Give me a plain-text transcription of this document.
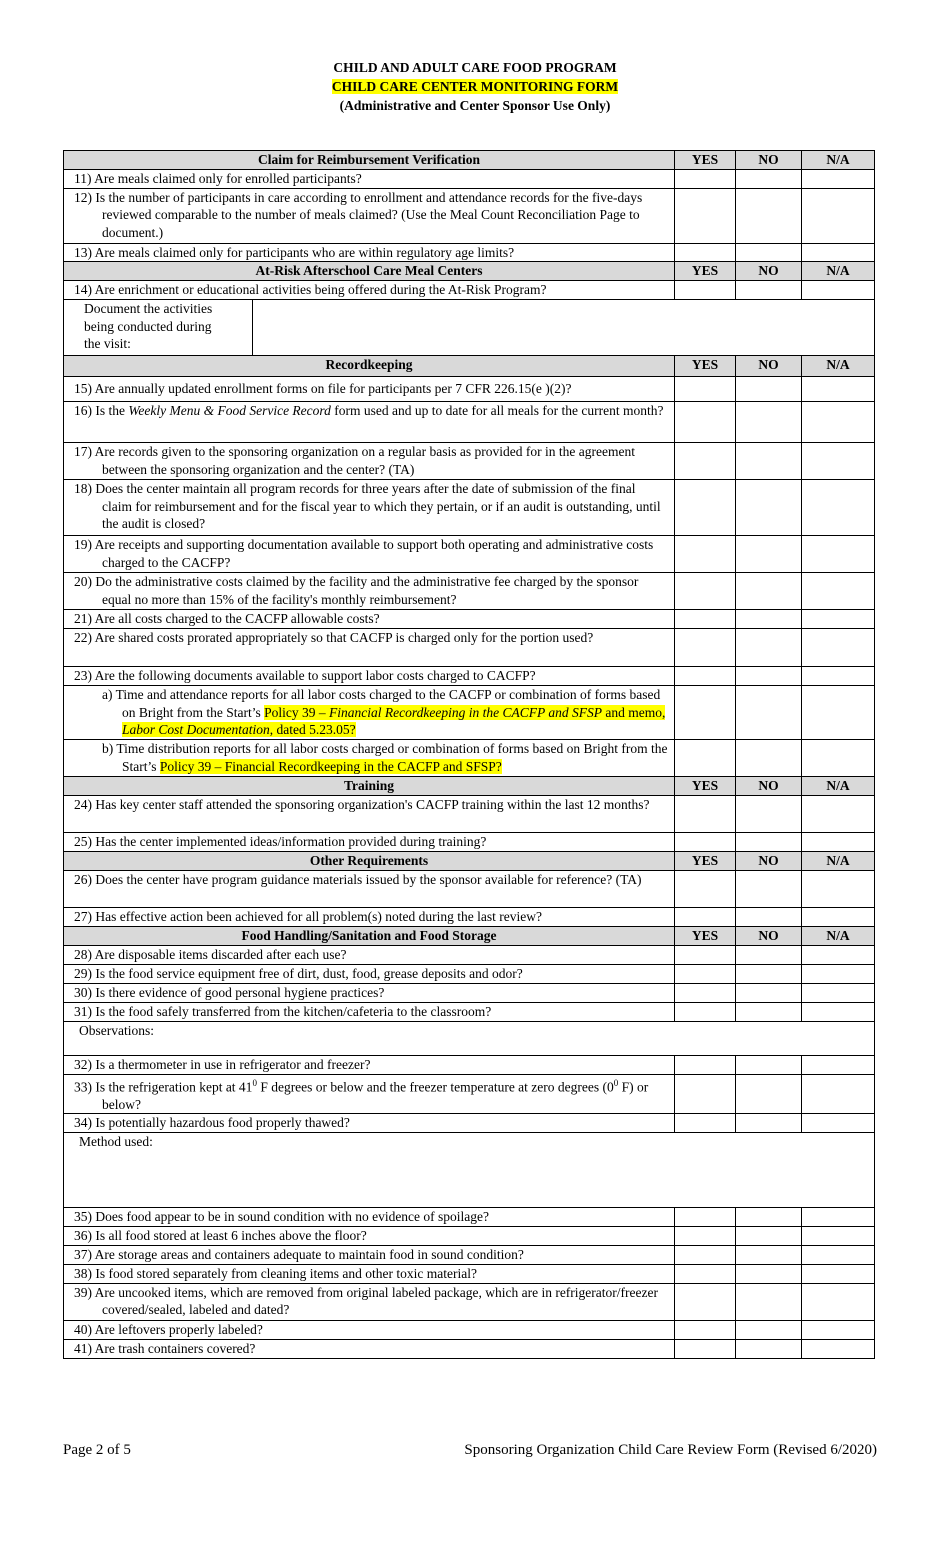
CHILD AND ADULT CARE FOOD PROGRAM
CHILD CARE CENTER MONITORING FORM
(Administrative and Center Sponsor Use Only)
Claim for Reimbursement Verification		YES	NO	N/A
11) Are meals claimed only for enrolled participants?				
12) Is the number of participants in care according to enrollment and attendance records for the five-days reviewed comparable to the number of meals claimed? (Use the Meal Count Reconciliation Page to document.)				
13) Are meals claimed only for participants who are within regulatory age limits?				
At-Risk Afterschool Care Meal Centers		YES	NO	N/A
14) Are enrichment or educational activities being offered during the At-Risk Program?				
Document the activities being conducted during the visit:				
Recordkeeping		YES	NO	N/A
15) Are annually updated enrollment forms on file for participants per 7 CFR 226.15(e )(2)?				
16) Is the Weekly Menu & Food Service Record form used and up to date for all meals for the current month?				
17) Are records given to the sponsoring organization on a regular basis as provided for in the agreement between the sponsoring organization and the center? (TA)				
18) Does the center maintain all program records for three years after the date of submission of the final claim for reimbursement and for the fiscal year to which they pertain, or if an audit is outstanding, until the audit is closed?				
19) Are receipts and supporting documentation available to support both operating and administrative costs charged to the CACFP?				
20) Do the administrative costs claimed by the facility and the administrative fee charged by the sponsor equal no more than 15% of the facility's monthly reimbursement?				
21) Are all costs charged to the CACFP allowable costs?				
22) Are shared costs prorated appropriately so that CACFP is charged only for the portion used?				
23) Are the following documents available to support labor costs charged to CACFP?				
a) Time and attendance reports for all labor costs charged to the CACFP or combination of forms based on Bright from the Start’s Policy 39 – Financial Recordkeeping in the CACFP and SFSP and memo, Labor Cost Documentation, dated 5.23.05?				
b) Time distribution reports for all labor costs charged or combination of forms based on Bright from the Start’s Policy 39 – Financial Recordkeeping in the CACFP and SFSP?				
Training		YES	NO	N/A
24) Has key center staff attended the sponsoring organization's CACFP training within the last 12 months?				
25) Has the center implemented ideas/information provided during training?				
Other Requirements		YES	NO	N/A
26) Does the center have program guidance materials issued by the sponsor available for reference? (TA)				
27) Has effective action been achieved for all problem(s) noted during the last review?				
Food Handling/Sanitation and Food Storage		YES	NO	N/A
28) Are disposable items discarded after each use?				
29) Is the food service equipment free of dirt, dust, food, grease deposits and odor?				
30) Is there evidence of good personal hygiene practices?				
31) Is the food safely transferred from the kitchen/cafeteria to the classroom?				
Observations:				
32) Is a thermometer in use in refrigerator and freezer?				
33) Is the refrigeration kept at $41^0$ F degrees or below and the freezer temperature at zero degrees ($0^0$ F) or below?				
34) Is potentially hazardous food properly thawed?				
Method used:				
35) Does food appear to be in sound condition with no evidence of spoilage?				
36) Is all food stored at least 6 inches above the floor?				
37) Are storage areas and containers adequate to maintain food in sound condition?				
38) Is food stored separately from cleaning items and other toxic material?				
39) Are uncooked items, which are removed from original labeled package, which are in refrigerator/freezer covered/sealed, labeled and dated?				
40) Are leftovers properly labeled?				
41) Are trash containers covered?				
Page 2 of 5	Sponsoring Organization Child Care Review Form (Revised 6/2020)
